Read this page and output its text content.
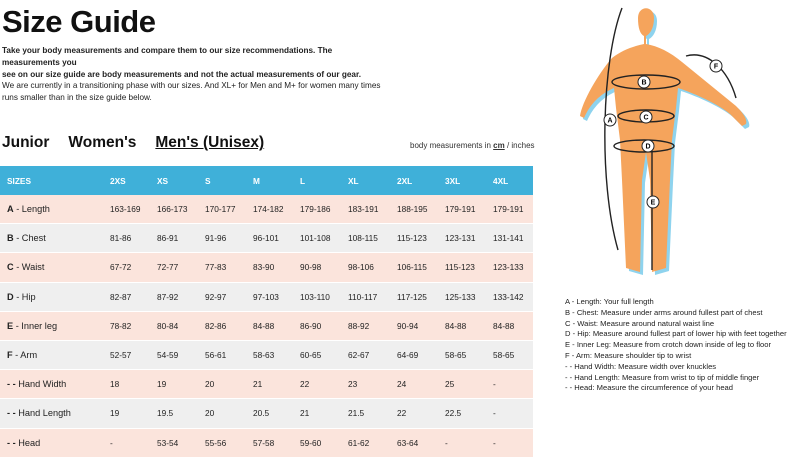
Size Guide
Take your body measurements and compare them to our size recommendations. The measurements you
see on our size guide are body measurements and not the actual measurements of our gear.
We are currently in a transitioning phase with our sizes. And XL+ for Men and M+ for women many times
runs smaller than in the size guide below.
Junior Women's Men's (Unisex)	body measurements in cm / inches
SIZES	2XS	XS	S	M	L	XL	2XL	3XL	4XL
A - Length	163-169	166-173	170-177	174-182	179-186	183-191	188-195	179-191	179-191
B - Chest	81-86	86-91	91-96	96-101	101-108	108-115	115-123	123-131	131-141
C - Waist	67-72	72-77	77-83	83-90	90-98	98-106	106-115	115-123	123-133
D - Hip	82-87	87-92	92-97	97-103	103-110	110-117	117-125	125-133	133-142
E - Inner leg	78-82	80-84	82-86	84-88	86-90	88-92	90-94	84-88	84-88
F - Arm	52-57	54-59	56-61	58-63	60-65	62-67	64-69	58-65	58-65
- - Hand Width	18	19	20	21	22	23	24	25	-
- - Hand Length	19	19.5	20	20.5	21	21.5	22	22.5	-
- - Head	-	53-54	55-56	57-58	59-60	61-62	63-64	-	-
A
B
C
D
E
F
A - Length: Your full length
B - Chest: Measure under arms around fullest part of chest
C - Waist: Measure around natural waist line
D - Hip: Measure around fullest part of lower hip with feet together
E - Inner Leg: Measure from crotch down inside of leg to floor
F - Arm: Measure shoulder tip to wrist
- - Hand Width: Measure width over knuckles
- - Hand Length: Measure from wrist to tip of middle finger
- - Head: Measure the circumference of your head
